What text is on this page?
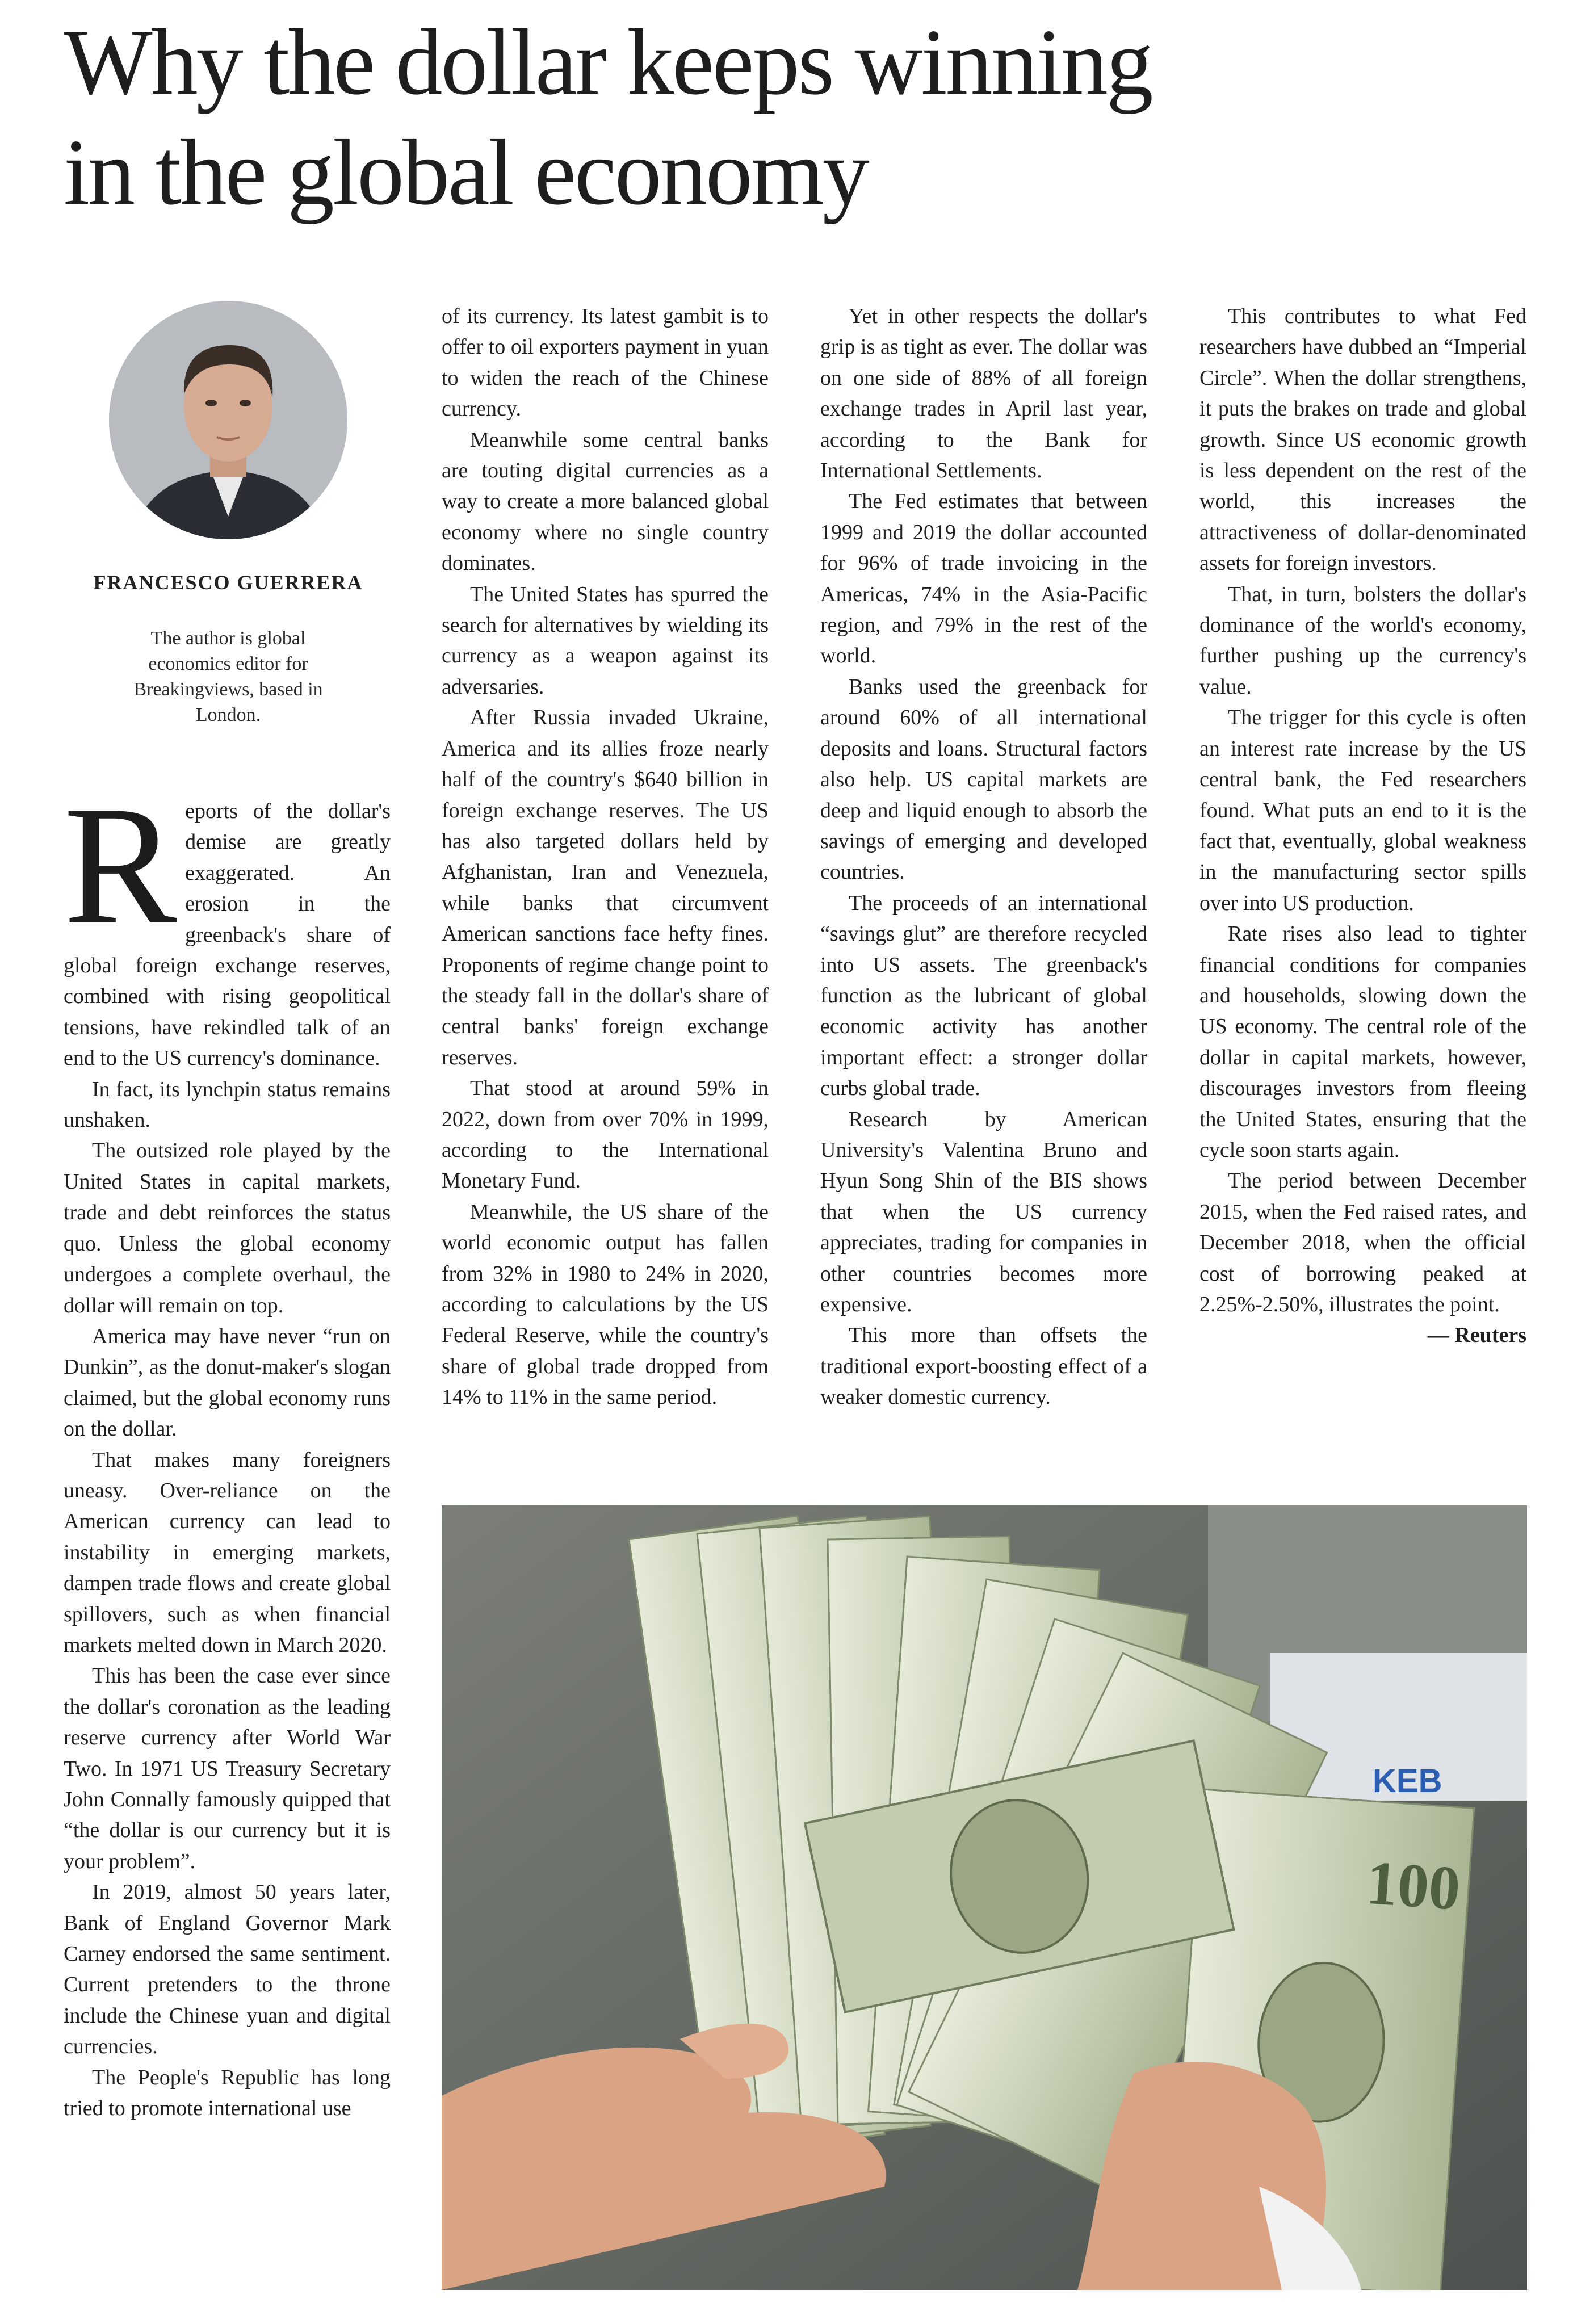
Why the dollar keeps winning
in the global economy
FRANCESCO GUERRERA
The author is global economics editor for Breakingviews, based in London.

Reports of the dollar's demise are greatly exaggerated. An erosion in the greenback's share of global foreign exchange reserves, combined with rising geopolitical tensions, have rekindled talk of an end to the US currency's dominance.

In fact, its lynchpin status remains unshaken.

The outsized role played by the United States in capital markets, trade and debt reinforces the status quo. Unless the global economy undergoes a complete overhaul, the dollar will remain on top.

America may have never “run on Dunkin”, as the donut-maker's slogan claimed, but the global economy runs on the dollar.

That makes many foreigners uneasy. Over-reliance on the American currency can lead to instability in emerging markets, dampen trade flows and create global spillovers, such as when financial markets melted down in March 2020.

This has been the case ever since the dollar's coronation as the leading reserve currency after World War Two. In 1971 US Treasury Secretary John Connally famously quipped that “the dollar is our currency but it is your problem”.

In 2019, almost 50 years later, Bank of England Governor Mark Carney endorsed the same sentiment. Current pretenders to the throne include the Chinese yuan and digital currencies.

The People's Republic has long tried to promote international use

of its currency. Its latest gambit is to offer to oil exporters payment in yuan to widen the reach of the Chinese currency.

Meanwhile some central banks are touting digital currencies as a way to create a more balanced global economy where no single country dominates.

The United States has spurred the search for alternatives by wielding its currency as a weapon against its adversaries.

After Russia invaded Ukraine, America and its allies froze nearly half of the country's $640 billion in foreign exchange reserves. The US has also targeted dollars held by Afghanistan, Iran and Venezuela, while banks that circumvent American sanctions face hefty fines. Proponents of regime change point to the steady fall in the dollar's share of central banks' foreign exchange reserves.

That stood at around 59% in 2022, down from over 70% in 1999, according to the International Monetary Fund.

Meanwhile, the US share of the world economic output has fallen from 32% in 1980 to 24% in 2020, according to calculations by the US Federal Reserve, while the country's share of global trade dropped from 14% to 11% in the same period.

Yet in other respects the dollar's grip is as tight as ever. The dollar was on one side of 88% of all foreign exchange trades in April last year, according to the Bank for International Settlements.

The Fed estimates that between 1999 and 2019 the dollar accounted for 96% of trade invoicing in the Americas, 74% in the Asia-Pacific region, and 79% in the rest of the world.

Banks used the greenback for around 60% of all international deposits and loans. Structural factors also help. US capital markets are deep and liquid enough to absorb the savings of emerging and developed countries.

The proceeds of an international “savings glut” are therefore recycled into US assets. The greenback's function as the lubricant of global economic activity has another important effect: a stronger dollar curbs global trade.

Research by American University's Valentina Bruno and Hyun Song Shin of the BIS shows that when the US currency appreciates, trading for companies in other countries becomes more expensive.

This more than offsets the traditional export-boosting effect of a weaker domestic currency.

This contributes to what Fed researchers have dubbed an “Imperial Circle”. When the dollar strengthens, it puts the brakes on trade and global growth. Since US economic growth is less dependent on the rest of the world, this increases the attractiveness of dollar-denominated assets for foreign investors.

That, in turn, bolsters the dollar's dominance of the world's economy, further pushing up the currency's value.

The trigger for this cycle is often an interest rate increase by the US central bank, the Fed researchers found. What puts an end to it is the fact that, eventually, global weakness in the manufacturing sector spills over into US production.

Rate rises also lead to tighter financial conditions for companies and households, slowing down the US economy. The central role of the dollar in capital markets, however, discourages investors from fleeing the United States, ensuring that the cycle soon starts again.

The period between December 2015, when the Fed raised rates, and December 2018, when the official cost of borrowing peaked at 2.25%-2.50%, illustrates the point.
— Reuters

KEB
100
